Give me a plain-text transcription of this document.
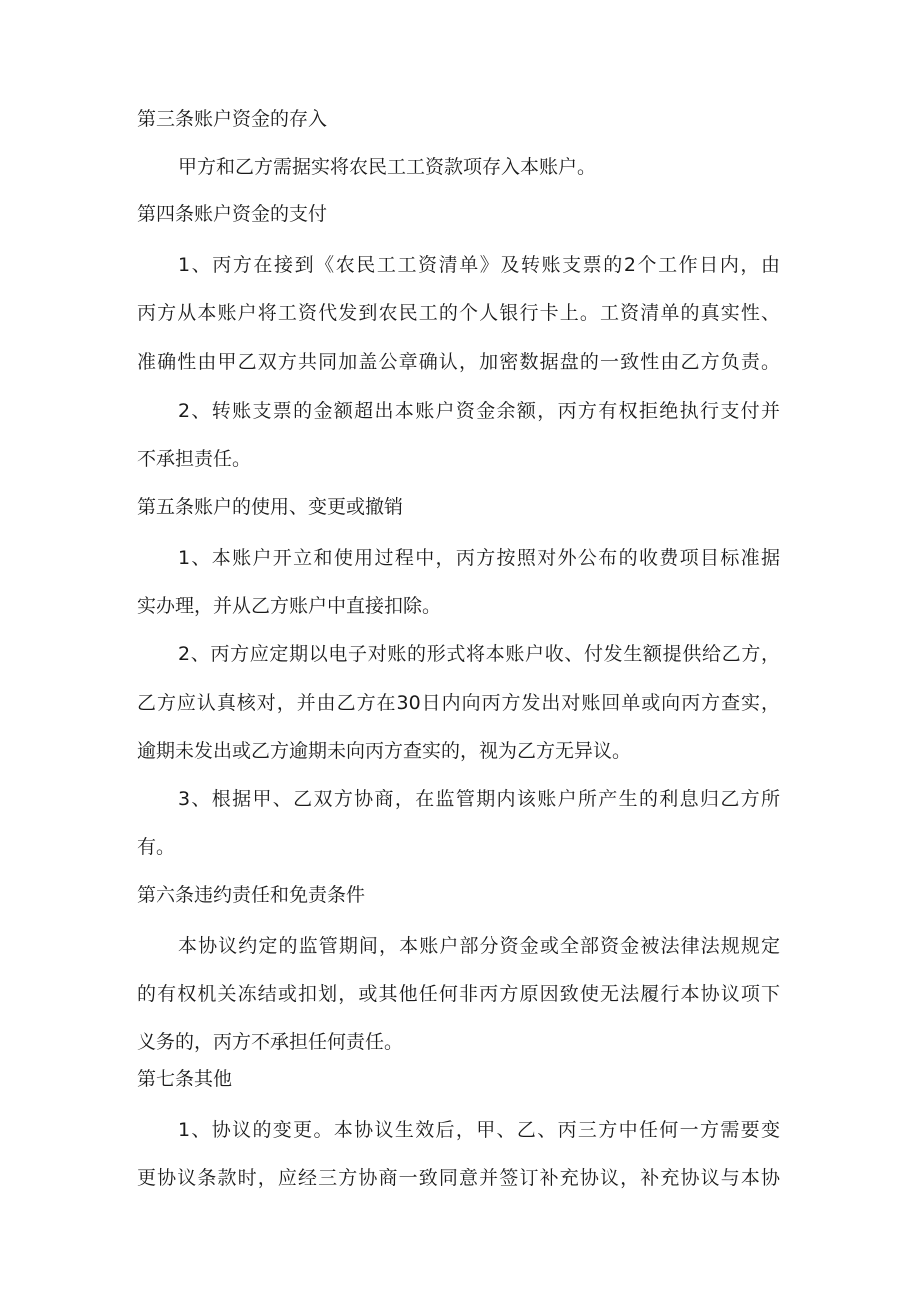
第三条账户资金的存入
甲方和乙方需据实将农民工工资款项存入本账户。
第四条账户资金的支付
1、丙方在接到《农民工工资清单》及转账支票的2个工作日内，由
丙方从本账户将工资代发到农民工的个人银行卡上。工资清单的真实性、
准确性由甲乙双方共同加盖公章确认，加密数据盘的一致性由乙方负责。
2、转账支票的金额超出本账户资金余额，丙方有权拒绝执行支付并
不承担责任。
第五条账户的使用、变更或撤销
1、本账户开立和使用过程中，丙方按照对外公布的收费项目标准据
实办理，并从乙方账户中直接扣除。
2、丙方应定期以电子对账的形式将本账户收、付发生额提供给乙方，
乙方应认真核对，并由乙方在30日内向丙方发出对账回单或向丙方查实，
逾期未发出或乙方逾期未向丙方查实的，视为乙方无异议。
3、根据甲、乙双方协商，在监管期内该账户所产生的利息归乙方所
有。
第六条违约责任和免责条件
本协议约定的监管期间，本账户部分资金或全部资金被法律法规规定
的有权机关冻结或扣划，或其他任何非丙方原因致使无法履行本协议项下
义务的，丙方不承担任何责任。
第七条其他
1、协议的变更。本协议生效后，甲、乙、丙三方中任何一方需要变
更协议条款时，应经三方协商一致同意并签订补充协议，补充协议与本协
